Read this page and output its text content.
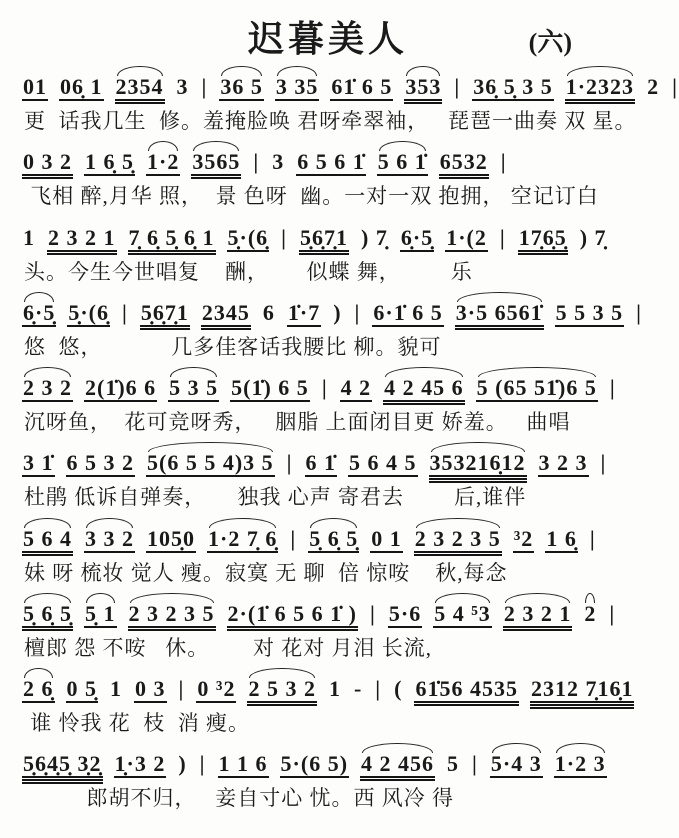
迟暮美人	(六)
01 06̣ 1 2354 3 | 36 5 3 35 61̇ 6 5 353 | 36̣ 5̣ 3 5 1·2323 2 |
更  话我几生  修。羞掩脸唤 君呀牵翠袖，   琵琶一曲奏 双 星。
0 3 2 1 6̣ 5̣ 1·2 3565 | 3 6 5 6 1̇ 5 6 1̇ 6532 |
飞相 醉,月华 照，  景 色呀  幽。一对一双 抱拥， 空记订白
1 2 3 2 1 7̣ 6̣ 5̣ 6̣ 1 5̣·(6̣ | 5̣6̣7̣1 ) 7̣ 6̣·5̣ 1·(2 | 17̣6̣5̣ ) 7̣
头。今生今世唱复    酬，      似蝶 舞，        乐
6̣·5̣ 5̣·(6̣ | 5̣6̣7̣1 2345 6 1̇·7 ) | 6·1̇ 6 5 3·5 6561̇ 5 5 3 5 |
悠  悠，           几多佳客话我腰比 柳。貌可
2 3 2 2(1̇)6 6 5 3 5 5(1̇) 6 5 | 4 2 4 2 45 6 5 (65 51̇)6 5 |
沉呀鱼，  花可竞呀秀，   胭脂 上面闭目更 娇羞。   曲唱
3 1̇ 6 5 3 2 5(6 5 5 4)3 5 | 6 1̇ 5 6 4 5 353216̣12 3 2 3 |
杜鹃 低诉自弹奏，     独我 心声 寄君去        后,谁伴
5 6 4 3 3 2 105̣0 1·2 7̣ 6̣ | 5̣ 6̣ 5̣ 0 1 2 3 2 3 5 ³2 1 6̣ |
妹 呀 梳妆 觉人 瘦。寂寞 无 聊  倍 惊咹    秋,每念
5̣ 6̣ 5̣ 5̣ 1 2 3 2 3 5 2·(1̇ 6 5 6 1̇ ) | 5·6 5 4 ⁵3 2 3 2 1 2 |
檀郎 怨 不咹   休。       对 花对 月泪 长流,
2 6̣ 0 5̣ 1 0 3 | 0 ³2 2 5 3 2 1 - | ( 61̇56 4535 2312 7̣16̣1
谁 怜我 花  枝  消 瘦。
5̣6̣4̣5̣ 3̣2̣ 1̣·3 2 ) | 1 1 6 5·(6 5) 4 2 456 5 | 5·4 3 1·2 3
郎胡不归，   妾自寸心 忧。西 风冷 得
